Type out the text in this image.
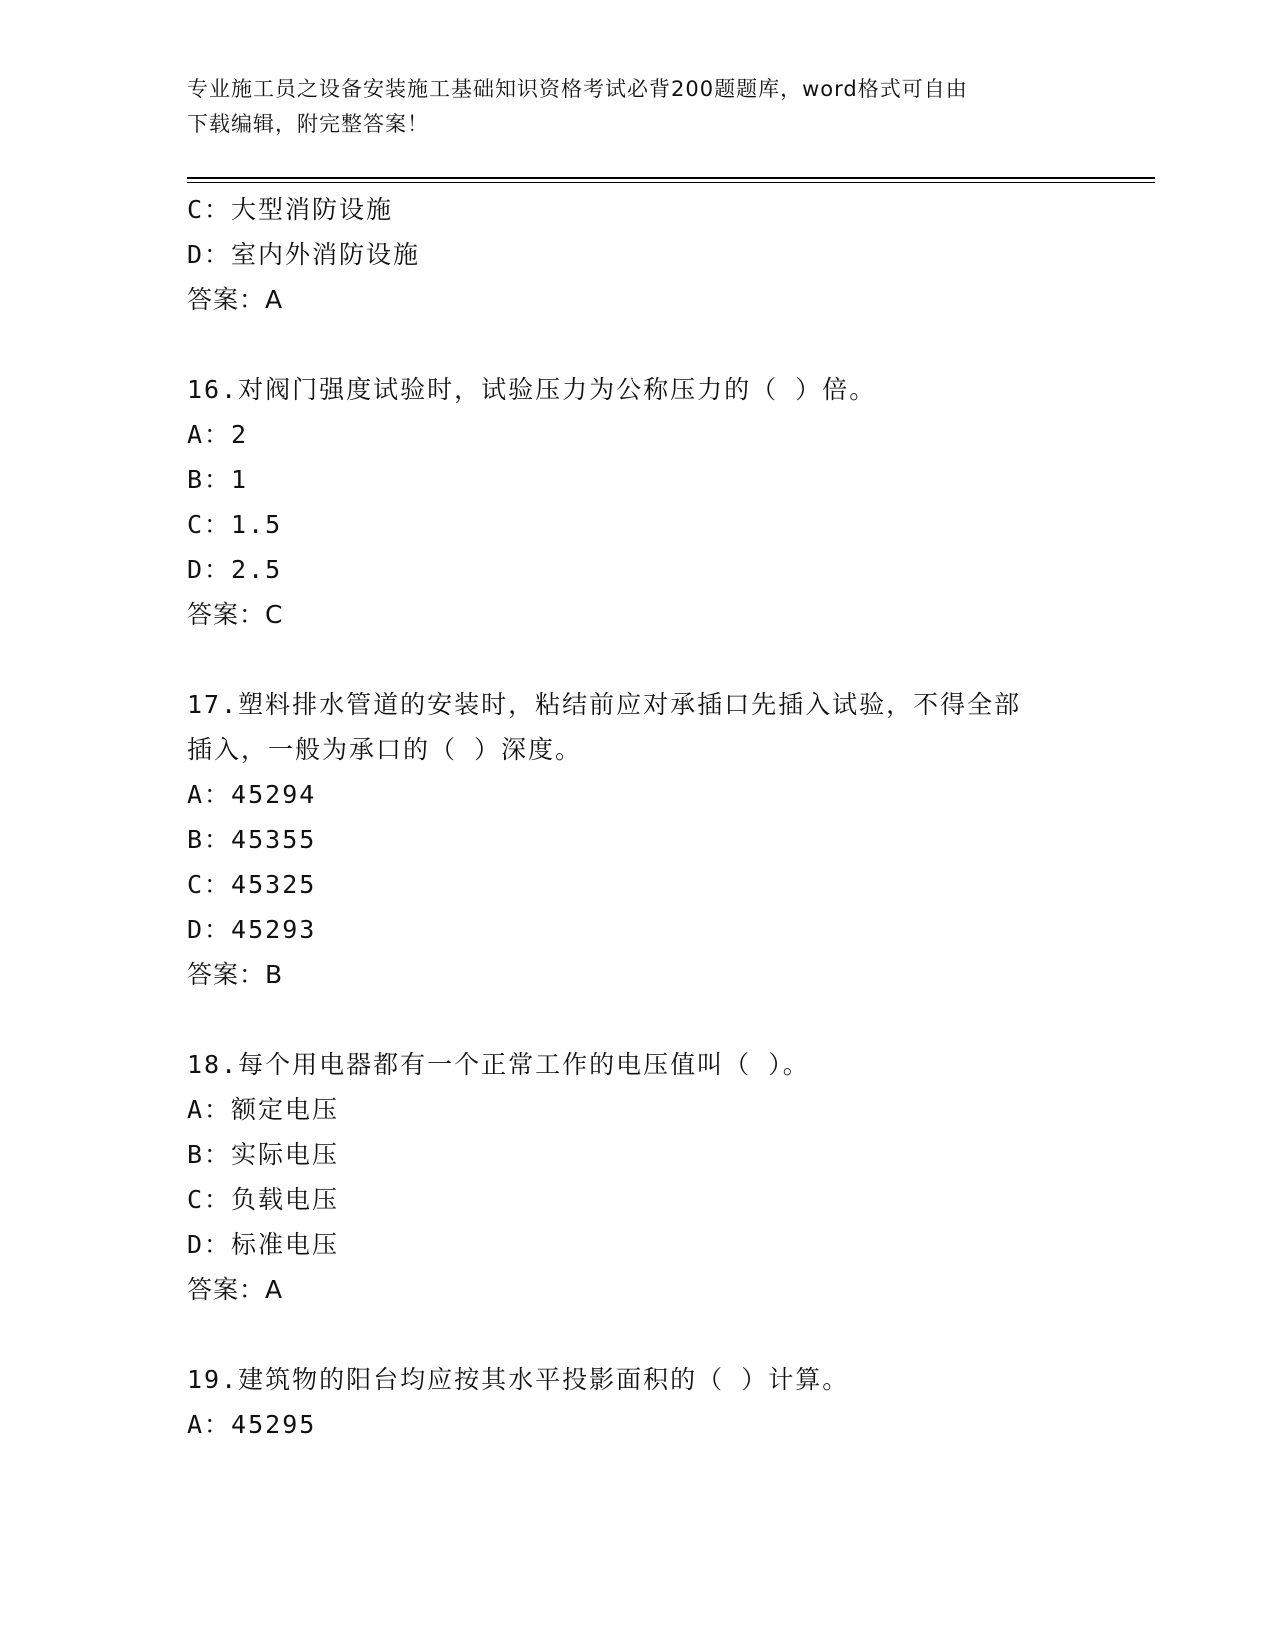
专业施工员之设备安装施工基础知识资格考试必背200题题库，word格式可自由
下载编辑，附完整答案！
C：大型消防设施
D：室内外消防设施
答案：A
16.对阀门强度试验时，试验压力为公称压力的（ ）倍。
A：2
B：1
C：1.5
D：2.5
答案：C
17.塑料排水管道的安装时，粘结前应对承插口先插入试验，不得全部
插入，一般为承口的（ ）深度。
A：45294
B：45355
C：45325
D：45293
答案：B
18.每个用电器都有一个正常工作的电压值叫（ ）。
A：额定电压
B：实际电压
C：负载电压
D：标准电压
答案：A
19.建筑物的阳台均应按其水平投影面积的（ ）计算。
A：45295
